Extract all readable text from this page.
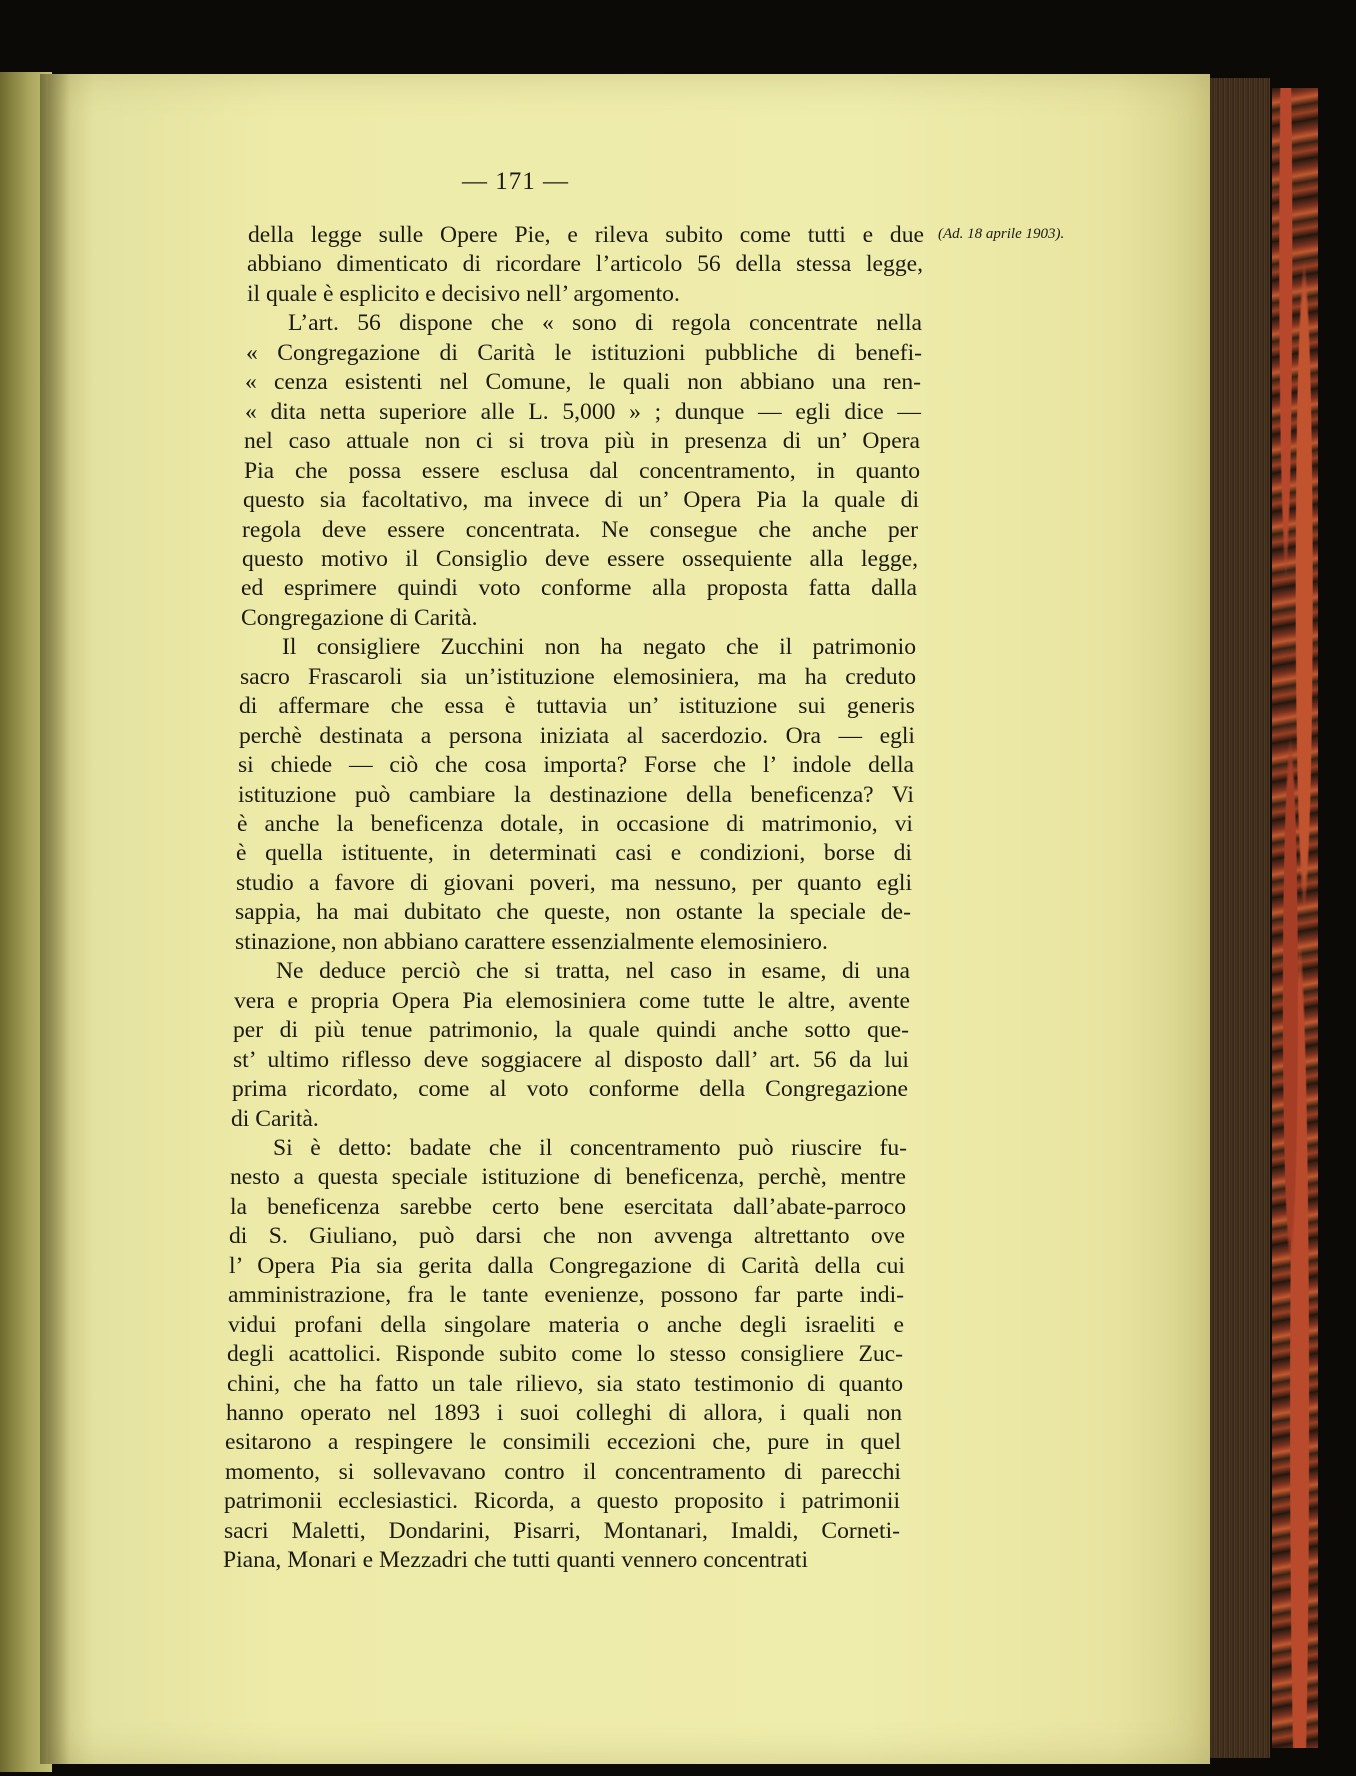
— 171 —
(Ad. 18 aprile 1903).
della legge sulle Opere Pie, e rileva subito come tutti e due
abbiano dimenticato di ricordare l’articolo 56 della stessa legge,
il quale è esplicito e decisivo nell’ argomento.
L’art. 56 dispone che « sono di regola concentrate nella
« Congregazione di Carità le istituzioni pubbliche di benefi-
« cenza esistenti nel Comune, le quali non abbiano una ren-
« dita netta superiore alle L. 5,000 » ; dunque — egli dice —
nel caso attuale non ci si trova più in presenza di un’ Opera
Pia che possa essere esclusa dal concentramento, in quanto
questo sia facoltativo, ma invece di un’ Opera Pia la quale di
regola deve essere concentrata. Ne consegue che anche per
questo motivo il Consiglio deve essere ossequiente alla legge,
ed esprimere quindi voto conforme alla proposta fatta dalla
Congregazione di Carità.
Il consigliere Zucchini non ha negato che il patrimonio
sacro Frascaroli sia un’istituzione elemosiniera, ma ha creduto
di affermare che essa è tuttavia un’ istituzione sui generis
perchè destinata a persona iniziata al sacerdozio. Ora — egli
si chiede — ciò che cosa importa? Forse che l’ indole della
istituzione può cambiare la destinazione della beneficenza? Vi
è anche la beneficenza dotale, in occasione di matrimonio, vi
è quella istituente, in determinati casi e condizioni, borse di
studio a favore di giovani poveri, ma nessuno, per quanto egli
sappia, ha mai dubitato che queste, non ostante la speciale de-
stinazione, non abbiano carattere essenzialmente elemosiniero.
Ne deduce perciò che si tratta, nel caso in esame, di una
vera e propria Opera Pia elemosiniera come tutte le altre, avente
per di più tenue patrimonio, la quale quindi anche sotto que-
st’ ultimo riflesso deve soggiacere al disposto dall’ art. 56 da lui
prima ricordato, come al voto conforme della Congregazione
di Carità.
Si è detto: badate che il concentramento può riuscire fu-
nesto a questa speciale istituzione di beneficenza, perchè, mentre
la beneficenza sarebbe certo bene esercitata dall’abate-parroco
di S. Giuliano, può darsi che non avvenga altrettanto ove
l’ Opera Pia sia gerita dalla Congregazione di Carità della cui
amministrazione, fra le tante evenienze, possono far parte indi-
vidui profani della singolare materia o anche degli israeliti e
degli acattolici. Risponde subito come lo stesso consigliere Zuc-
chini, che ha fatto un tale rilievo, sia stato testimonio di quanto
hanno operato nel 1893 i suoi colleghi di allora, i quali non
esitarono a respingere le consimili eccezioni che, pure in quel
momento, si sollevavano contro il concentramento di parecchi
patrimonii ecclesiastici. Ricorda, a questo proposito i patrimonii
sacri Maletti, Dondarini, Pisarri, Montanari, Imaldi, Corneti-
Piana, Monari e Mezzadri che tutti quanti vennero concentrati
